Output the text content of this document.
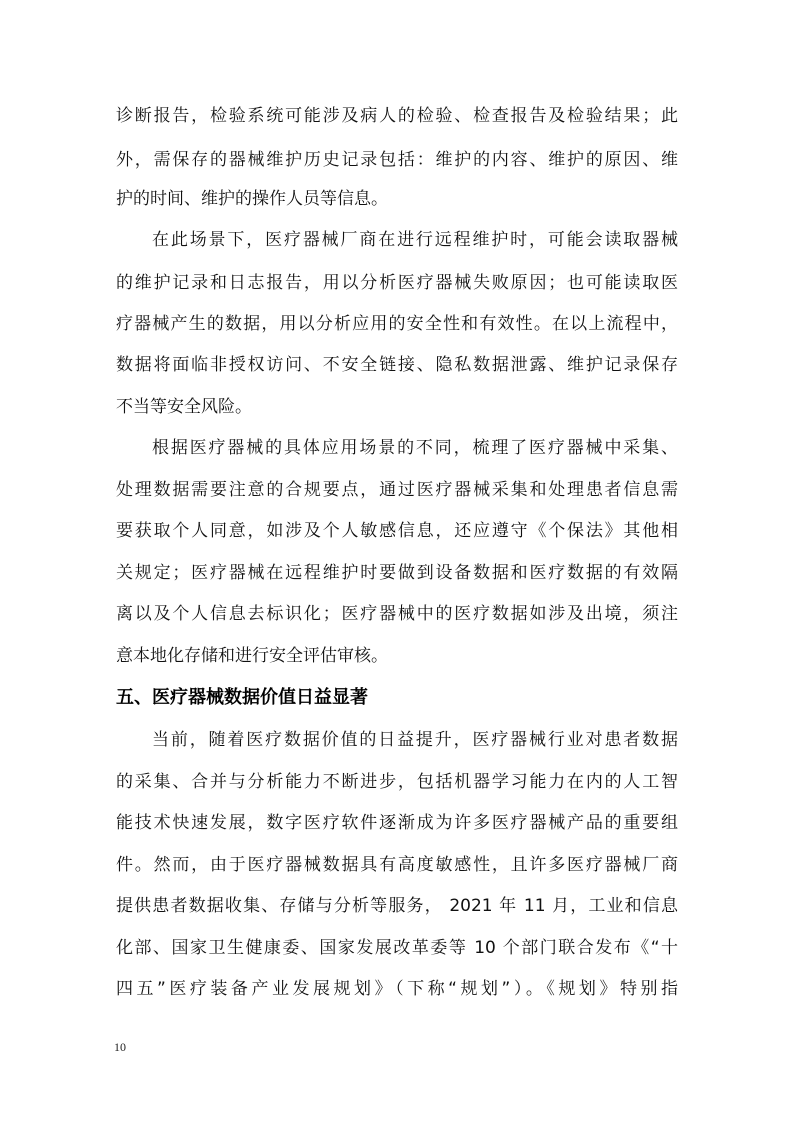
诊断报告，检验系统可能涉及病人的检验、检查报告及检验结果；此
外，需保存的器械维护历史记录包括：维护的内容、维护的原因、维
护的时间、维护的操作人员等信息。
在此场景下，医疗器械厂商在进行远程维护时，可能会读取器械
的维护记录和日志报告，用以分析医疗器械失败原因；也可能读取医
疗器械产生的数据，用以分析应用的安全性和有效性。在以上流程中，
数据将面临非授权访问、不安全链接、隐私数据泄露、维护记录保存
不当等安全风险。
根据医疗器械的具体应用场景的不同，梳理了医疗器械中采集、
处理数据需要注意的合规要点，通过医疗器械采集和处理患者信息需
要获取个人同意，如涉及个人敏感信息，还应遵守《个保法》其他相
关规定；医疗器械在远程维护时要做到设备数据和医疗数据的有效隔
离以及个人信息去标识化；医疗器械中的医疗数据如涉及出境，须注
意本地化存储和进行安全评估审核。
五、医疗器械数据价值日益显著
当前，随着医疗数据价值的日益提升，医疗器械行业对患者数据
的采集、合并与分析能力不断进步，包括机器学习能力在内的人工智
能技术快速发展，数字医疗软件逐渐成为许多医疗器械产品的重要组
件。然而，由于医疗器械数据具有高度敏感性，且许多医疗器械厂商
提供患者数据收集、存储与分析等服务， 2021 年 11 月，工业和信息
化部、国家卫生健康委、国家发展改革委等 10 个部门联合发布《“十
四五”医疗装备产业发展规划》（下称“规划”）。《规划》特别指
10
